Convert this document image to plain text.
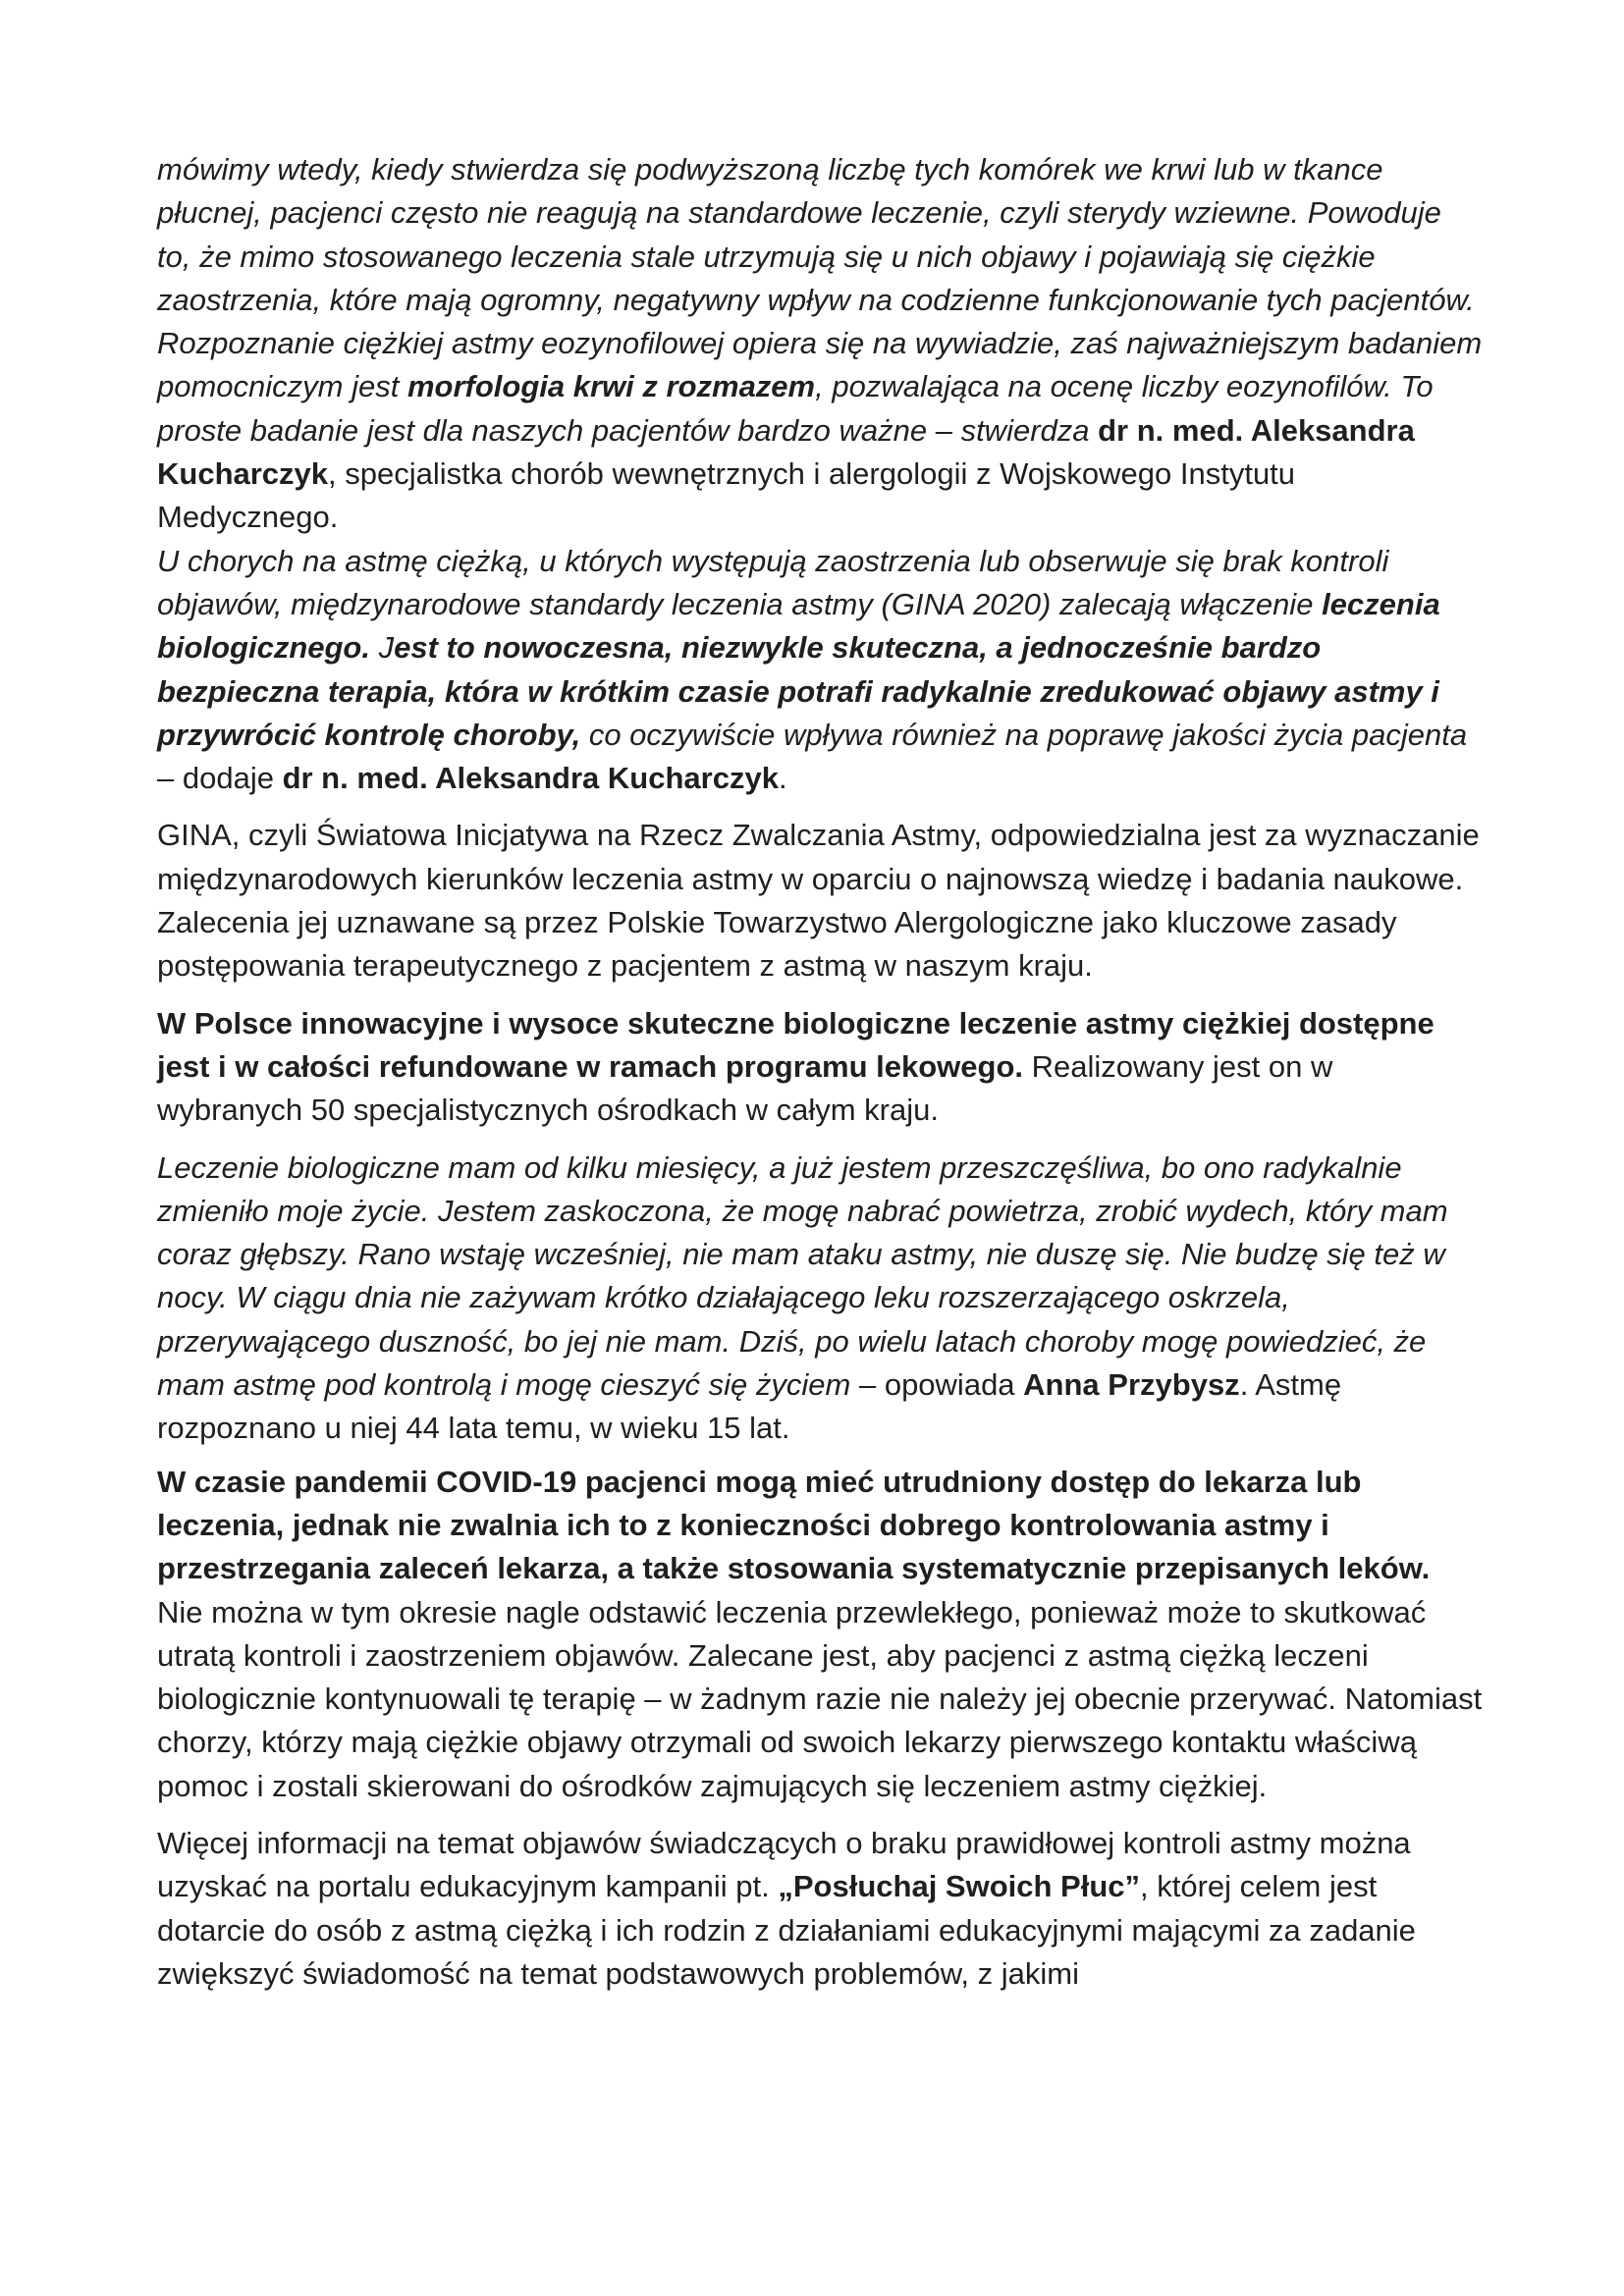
mówimy wtedy, kiedy stwierdza się podwyższoną liczbę tych komórek we krwi lub w tkance płucnej, pacjenci często nie reagują na standardowe leczenie, czyli sterydy wziewne. Powoduje to, że mimo stosowanego leczenia stale utrzymują się u nich objawy i pojawiają się ciężkie zaostrzenia, które mają ogromny, negatywny wpływ na codzienne funkcjonowanie tych pacjentów. Rozpoznanie ciężkiej astmy eozynofilowej opiera się na wywiadzie, zaś najważniejszym badaniem pomocniczym jest morfologia krwi z rozmazem, pozwalająca na ocenę liczby eozynofilów. To proste badanie jest dla naszych pacjentów bardzo ważne – stwierdza dr n. med. Aleksandra Kucharczyk, specjalistka chorób wewnętrznych i alergologii z Wojskowego Instytutu Medycznego.

U chorych na astmę ciężką, u których występują zaostrzenia lub obserwuje się brak kontroli objawów, międzynarodowe standardy leczenia astmy (GINA 2020) zalecają włączenie leczenia biologicznego. Jest to nowoczesna, niezwykle skuteczna, a jednocześnie bardzo bezpieczna terapia, która w krótkim czasie potrafi radykalnie zredukować objawy astmy i przywrócić kontrolę choroby, co oczywiście wpływa również na poprawę jakości życia pacjenta – dodaje dr n. med. Aleksandra Kucharczyk.

GINA, czyli Światowa Inicjatywa na Rzecz Zwalczania Astmy, odpowiedzialna jest za wyznaczanie międzynarodowych kierunków leczenia astmy w oparciu o najnowszą wiedzę i badania naukowe. Zalecenia jej uznawane są przez Polskie Towarzystwo Alergologiczne jako kluczowe zasady postępowania terapeutycznego z pacjentem z astmą w naszym kraju.

W Polsce innowacyjne i wysoce skuteczne biologiczne leczenie astmy ciężkiej dostępne jest i w całości refundowane w ramach programu lekowego. Realizowany jest on w wybranych 50 specjalistycznych ośrodkach w całym kraju.

Leczenie biologiczne mam od kilku miesięcy, a już jestem przeszczęśliwa, bo ono radykalnie zmieniło moje życie. Jestem zaskoczona, że mogę nabrać powietrza, zrobić wydech, który mam coraz głębszy. Rano wstaję wcześniej, nie mam ataku astmy, nie duszę się. Nie budzę się też w nocy. W ciągu dnia nie zażywam krótko działającego leku rozszerzającego oskrzela, przerywającego duszność, bo jej nie mam. Dziś, po wielu latach choroby mogę powiedzieć, że mam astmę pod kontrolą i mogę cieszyć się życiem – opowiada Anna Przybysz. Astmę rozpoznano u niej 44 lata temu, w wieku 15 lat.

W czasie pandemii COVID-19 pacjenci mogą mieć utrudniony dostęp do lekarza lub leczenia, jednak nie zwalnia ich to z konieczności dobrego kontrolowania astmy i przestrzegania zaleceń lekarza, a także stosowania systematycznie przepisanych leków. Nie można w tym okresie nagle odstawić leczenia przewlekłego, ponieważ może to skutkować utratą kontroli i zaostrzeniem objawów. Zalecane jest, aby pacjenci z astmą ciężką leczeni biologicznie kontynuowali tę terapię – w żadnym razie nie należy jej obecnie przerywać. Natomiast chorzy, którzy mają ciężkie objawy otrzymali od swoich lekarzy pierwszego kontaktu właściwą pomoc i zostali skierowani do ośrodków zajmujących się leczeniem astmy ciężkiej.

Więcej informacji na temat objawów świadczących o braku prawidłowej kontroli astmy można uzyskać na portalu edukacyjnym kampanii pt. „Posłuchaj Swoich Płuc”, której celem jest dotarcie do osób z astmą ciężką i ich rodzin z działaniami edukacyjnymi mającymi za zadanie zwiększyć świadomość na temat podstawowych problemów, z jakimi
